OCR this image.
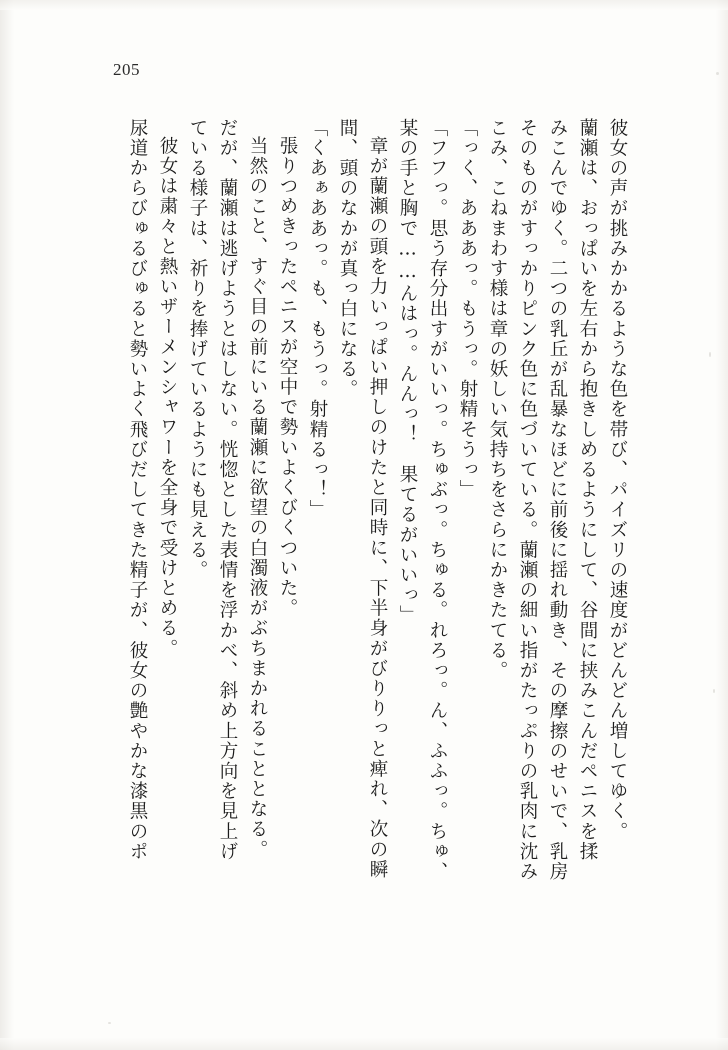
205
彼女の声が挑みかかるような色を帯び、パイズリの速度がどんどん増してゆく。
蘭瀬は、おっぱいを左右から抱きしめるようにして、谷間に挟みこんだペニスを揉
みこんでゆく。二つの乳丘が乱暴なほどに前後に揺れ動き、その摩擦のせいで、乳房
そのものがすっかりピンク色に色づいている。蘭瀬の細い指がたっぷりの乳肉に沈み
こみ、こねまわす様は章の妖しい気持ちをさらにかきたてる。
「っく、あああっ。もうっ。射精そうっ」
「フフっ。思う存分出すがいいっ。ちゅぶっ。ちゅる。れろっ。ん、ふふっ。ちゅ、
某の手と胸で……んはっ。んんっ！　果てるがいいっ」
章が蘭瀬の頭を力いっぱい押しのけたと同時に、下半身がびりりっと痺れ、次の瞬
間、頭のなかが真っ白になる。
「くあぁああっ。も、もうっ。射精るっ！」
張りつめきったペニスが空中で勢いよくびくついた。
当然のこと、すぐ目の前にいる蘭瀬に欲望の白濁液がぶちまかれることとなる。
だが、蘭瀬は逃げようとはしない。恍惚とした表情を浮かべ、斜め上方向を見上げ
ている様子は、祈りを捧げているようにも見える。
彼女は粛々と熱いザーメンシャワーを全身で受けとめる。
尿道からびゅるびゅると勢いよく飛びだしてきた精子が、彼女の艶やかな漆黒のポ
